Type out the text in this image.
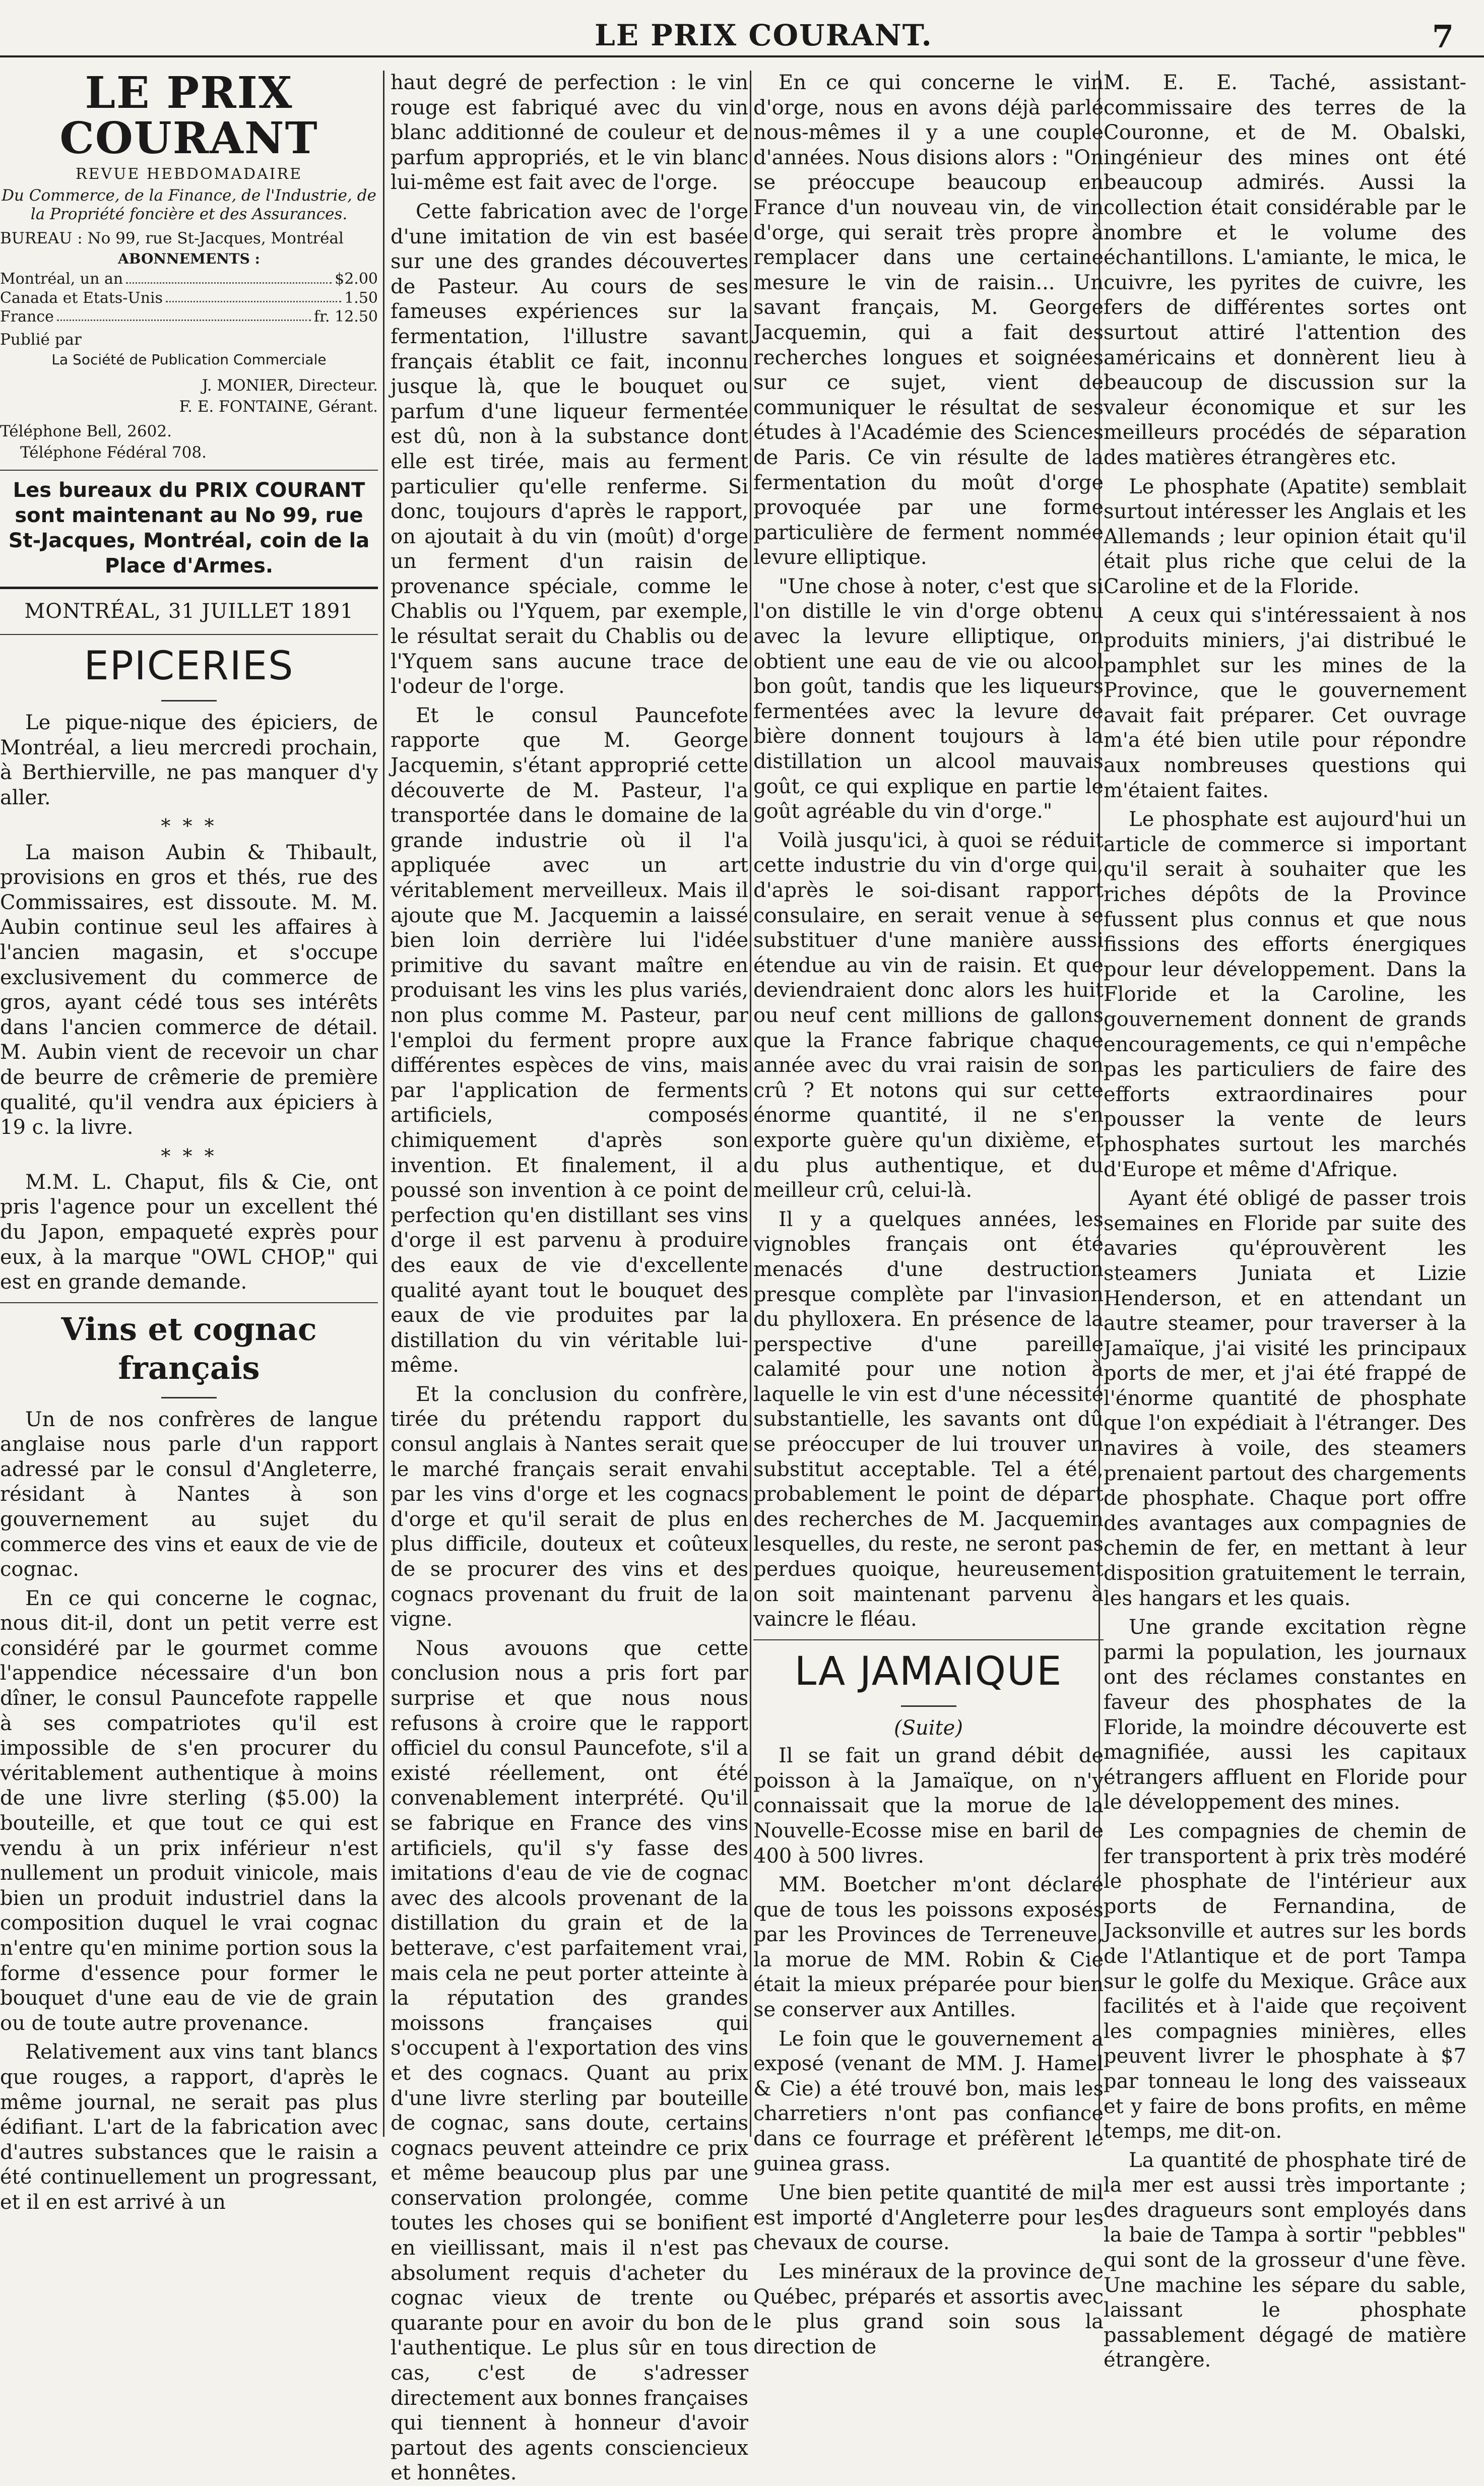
LE PRIX COURANT.	7
LE PRIX COURANT
REVUE HEBDOMADAIRE
Du Commerce, de la Finance, de l'Industrie, de la Propriété foncière et des Assurances.
BUREAU : No 99, rue St-Jacques, Montréal
ABONNEMENTS :
Montréal, un an	$2.00
Canada et Etats-Unis	1.50
France	fr. 12.50
Publié par
La Société de Publication Commerciale
J. MONIER, Directeur.
F. E. FONTAINE, Gérant.
Téléphone Bell, 2602.
Téléphone Fédéral 708.
Les bureaux du PRIX COURANT sont maintenant au No 99, rue St-Jacques, Montréal, coin de la Place d'Armes.
MONTRÉAL, 31 JUILLET 1891
EPICERIES

Le pique-nique des épiciers, de Montréal, a lieu mercredi prochain, à Berthierville, ne pas manquer d'y aller.

* * *

La maison Aubin & Thibault, provisions en gros et thés, rue des Commissaires, est dissoute. M. M. Aubin continue seul les affaires à l'ancien magasin, et s'occupe exclusivement du commerce de gros, ayant cédé tous ses intérêts dans l'ancien commerce de détail. M. Aubin vient de recevoir un char de beurre de crêmerie de première qualité, qu'il vendra aux épiciers à 19 c. la livre.

* * *

M.M. L. Chaput, fils & Cie, ont pris l'agence pour un excellent thé du Japon, empaqueté exprès pour eux, à la marque "OWL CHOP," qui est en grande demande.

Vins et cognac français

Un de nos confrères de langue anglaise nous parle d'un rapport adressé par le consul d'Angleterre, résidant à Nantes à son gouvernement au sujet du commerce des vins et eaux de vie de cognac.

En ce qui concerne le cognac, nous dit-il, dont un petit verre est considéré par le gourmet comme l'appendice nécessaire d'un bon dîner, le consul Pauncefote rappelle à ses compatriotes qu'il est impossible de s'en procurer du véritablement authentique à moins de une livre sterling ($5.00) la bouteille, et que tout ce qui est vendu à un prix inférieur n'est nullement un produit vinicole, mais bien un produit industriel dans la composition duquel le vrai cognac n'entre qu'en minime portion sous la forme d'essence pour former le bouquet d'une eau de vie de grain ou de toute autre provenance.

Relativement aux vins tant blancs que rouges, a rapport, d'après le même journal, ne serait pas plus édifiant. L'art de la fabrication avec d'autres substances que le raisin a été continuellement un progressant, et il en est arrivé à un

haut degré de perfection : le vin rouge est fabriqué avec du vin blanc additionné de couleur et de parfum appropriés, et le vin blanc lui-même est fait avec de l'orge.

Cette fabrication avec de l'orge d'une imitation de vin est basée sur une des grandes découvertes de Pasteur. Au cours de ses fameuses expériences sur la fermentation, l'illustre savant français établit ce fait, inconnu jusque là, que le bouquet ou parfum d'une liqueur fermentée est dû, non à la substance dont elle est tirée, mais au ferment particulier qu'elle renferme. Si donc, toujours d'après le rapport, on ajoutait à du vin (moût) d'orge un ferment d'un raisin de provenance spéciale, comme le Chablis ou l'Yquem, par exemple, le résultat serait du Chablis ou de l'Yquem sans aucune trace de l'odeur de l'orge.

Et le consul Pauncefote rapporte que M. George Jacquemin, s'étant approprié cette découverte de M. Pasteur, l'a transportée dans le domaine de la grande industrie où il l'a appliquée avec un art véritablement merveilleux. Mais il ajoute que M. Jacquemin a laissé bien loin derrière lui l'idée primitive du savant maître en produisant les vins les plus variés, non plus comme M. Pasteur, par l'emploi du ferment propre aux différentes espèces de vins, mais par l'application de ferments artificiels, composés chimiquement d'après son invention. Et finalement, il a poussé son invention à ce point de perfection qu'en distillant ses vins d'orge il est parvenu à produire des eaux de vie d'excellente qualité ayant tout le bouquet des eaux de vie produites par la distillation du vin véritable lui-même.

Et la conclusion du confrère, tirée du prétendu rapport du consul anglais à Nantes serait que le marché français serait envahi par les vins d'orge et les cognacs d'orge et qu'il serait de plus en plus difficile, douteux et coûteux de se procurer des vins et des cognacs provenant du fruit de la vigne.

Nous avouons que cette conclusion nous a pris fort par surprise et que nous nous refusons à croire que le rapport officiel du consul Pauncefote, s'il a existé réellement, ont été convenablement interprété. Qu'il se fabrique en France des vins artificiels, qu'il s'y fasse des imitations d'eau de vie de cognac avec des alcools provenant de la distillation du grain et de la betterave, c'est parfaitement vrai, mais cela ne peut porter atteinte à la réputation des grandes moissons françaises qui s'occupent à l'exportation des vins et des cognacs. Quant au prix d'une livre sterling par bouteille de cognac, sans doute, certains cognacs peuvent atteindre ce prix et même beaucoup plus par une conservation prolongée, comme toutes les choses qui se bonifient en vieillissant, mais il n'est pas absolument requis d'acheter du cognac vieux de trente ou quarante pour en avoir du bon de l'authentique. Le plus sûr en tous cas, c'est de s'adresser directement aux bonnes françaises qui tiennent à honneur d'avoir partout des agents consciencieux et honnêtes.

En ce qui concerne le vin d'orge, nous en avons déjà parlé nous-mêmes il y a une couple d'années. Nous disions alors : "On se préoccupe beaucoup en France d'un nouveau vin, de vin d'orge, qui serait très propre à remplacer dans une certaine mesure le vin de raisin... Un savant français, M. George Jacquemin, qui a fait des recherches longues et soignées sur ce sujet, vient de communiquer le résultat de ses études à l'Académie des Sciences de Paris. Ce vin résulte de la fermentation du moût d'orge provoquée par une forme particulière de ferment nommée levure elliptique.

"Une chose à noter, c'est que si l'on distille le vin d'orge obtenu avec la levure elliptique, on obtient une eau de vie ou alcool bon goût, tandis que les liqueurs fermentées avec la levure de bière donnent toujours à la distillation un alcool mauvais goût, ce qui explique en partie le goût agréable du vin d'orge."

Voilà jusqu'ici, à quoi se réduit cette industrie du vin d'orge qui, d'après le soi-disant rapport consulaire, en serait venue à se substituer d'une manière aussi étendue au vin de raisin. Et que deviendraient donc alors les huit ou neuf cent millions de gallons que la France fabrique chaque année avec du vrai raisin de son crû ? Et notons qui sur cette énorme quantité, il ne s'en exporte guère qu'un dixième, et du plus authentique, et du meilleur crû, celui-là.

Il y a quelques années, les vignobles français ont été menacés d'une destruction presque complète par l'invasion du phylloxera. En présence de la perspective d'une pareille calamité pour une notion à laquelle le vin est d'une nécessité substantielle, les savants ont dû se préoccuper de lui trouver un substitut acceptable. Tel a été, probablement le point de départ des recherches de M. Jacquemin lesquelles, du reste, ne seront pas perdues quoique, heureusement on soit maintenant parvenu à vaincre le fléau.

LA JAMAIQUE
(Suite)

Il se fait un grand débit de poisson à la Jamaïque, on n'y connaissait que la morue de la Nouvelle-Ecosse mise en baril de 400 à 500 livres.

MM. Boetcher m'ont déclaré que de tous les poissons exposés par les Provinces de Terreneuve, la morue de MM. Robin & Cie était la mieux préparée pour bien se conserver aux Antilles.

Le foin que le gouvernement a exposé (venant de MM. J. Hamel & Cie) a été trouvé bon, mais les charretiers n'ont pas confiance dans ce fourrage et préfèrent le guinea grass.

Une bien petite quantité de mil est importé d'Angleterre pour les chevaux de course.

Les minéraux de la province de Québec, préparés et assortis avec le plus grand soin sous la direction de

M. E. E. Taché, assistant-commissaire des terres de la Couronne, et de M. Obalski, ingénieur des mines ont été beaucoup admirés. Aussi la collection était considérable par le nombre et le volume des échantillons. L'amiante, le mica, le cuivre, les pyrites de cuivre, les fers de différentes sortes ont surtout attiré l'attention des américains et donnèrent lieu à beaucoup de discussion sur la valeur économique et sur les meilleurs procédés de séparation des matières étrangères etc.

Le phosphate (Apatite) semblait surtout intéresser les Anglais et les Allemands ; leur opinion était qu'il était plus riche que celui de la Caroline et de la Floride.

A ceux qui s'intéressaient à nos produits miniers, j'ai distribué le pamphlet sur les mines de la Province, que le gouvernement avait fait préparer. Cet ouvrage m'a été bien utile pour répondre aux nombreuses questions qui m'étaient faites.

Le phosphate est aujourd'hui un article de commerce si important qu'il serait à souhaiter que les riches dépôts de la Province fussent plus connus et que nous fissions des efforts énergiques pour leur développement. Dans la Floride et la Caroline, les gouvernement donnent de grands encouragements, ce qui n'empêche pas les particuliers de faire des efforts extraordinaires pour pousser la vente de leurs phosphates surtout les marchés d'Europe et même d'Afrique.

Ayant été obligé de passer trois semaines en Floride par suite des avaries qu'éprouvèrent les steamers Juniata et Lizie Henderson, et en attendant un autre steamer, pour traverser à la Jamaïque, j'ai visité les principaux ports de mer, et j'ai été frappé de l'énorme quantité de phosphate que l'on expédiait à l'étranger. Des navires à voile, des steamers prenaient partout des chargements de phosphate. Chaque port offre des avantages aux compagnies de chemin de fer, en mettant à leur disposition gratuitement le terrain, les hangars et les quais.

Une grande excitation règne parmi la population, les journaux ont des réclames constantes en faveur des phosphates de la Floride, la moindre découverte est magnifiée, aussi les capitaux étrangers affluent en Floride pour le développement des mines.

Les compagnies de chemin de fer transportent à prix très modéré le phosphate de l'intérieur aux ports de Fernandina, de Jacksonville et autres sur les bords de l'Atlantique et de port Tampa sur le golfe du Mexique. Grâce aux facilités et à l'aide que reçoivent les compagnies minières, elles peuvent livrer le phosphate à $7 par tonneau le long des vaisseaux et y faire de bons profits, en même temps, me dit-on.

La quantité de phosphate tiré de la mer est aussi très importante ; des dragueurs sont employés dans la baie de Tampa à sortir "pebbles" qui sont de la grosseur d'une fève. Une machine les sépare du sable, laissant le phosphate passablement dégagé de matière étrangère.
